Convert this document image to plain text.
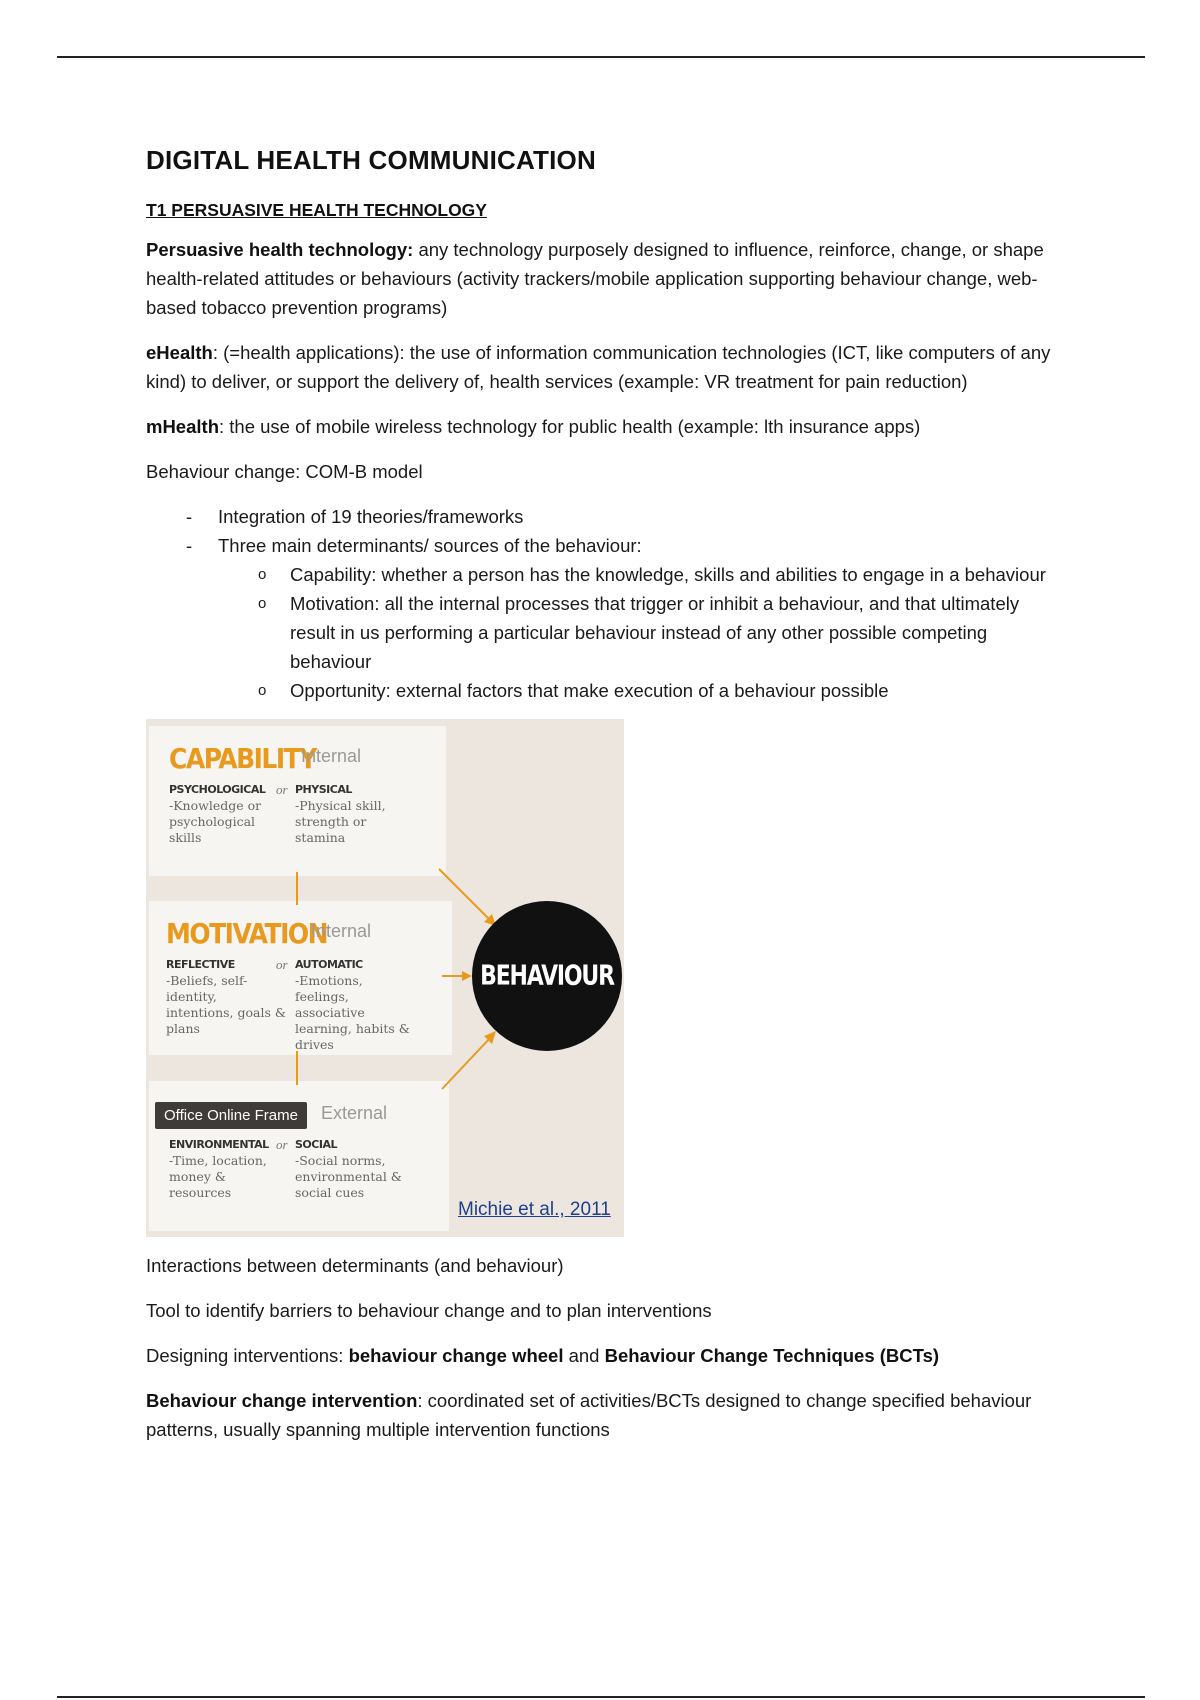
DIGITAL HEALTH COMMUNICATION
T1 PERSUASIVE HEALTH TECHNOLOGY

Persuasive health technology: any technology purposely designed to influence, reinforce, change, or shape health-related attitudes or behaviours (activity trackers/mobile application supporting behaviour change, web-based tobacco prevention programs)

eHealth: (=health applications): the use of information communication technologies (ICT, like computers of any kind) to deliver, or support the delivery of, health services (example: VR treatment for pain reduction)

mHealth: the use of mobile wireless technology for public health (example: lth insurance apps)

Behaviour change: COM-B model

- Integration of 19 theories/frameworks
- Three main determinants/ sources of the behaviour:
o Capability: whether a person has the knowledge, skills and abilities to engage in a behaviour
o Motivation: all the internal processes that trigger or inhibit a behaviour, and that ultimately result in us performing a particular behaviour instead of any other possible competing behaviour
o Opportunity: external factors that make execution of a behaviour possible
CAPABILITY
Internal
PSYCHOLOGICAL
-Knowledge or psychological skills
or PHYSICAL
-Physical skill, strength or stamina
MOTIVATION
Internal
REFLECTIVE
-Beliefs, self-identity, intentions, goals & plans
or AUTOMATIC
-Emotions, feelings, associative learning, habits & drives
External
ENVIRONMENTAL
-Time, location, money & resources
or SOCIAL
-Social norms, environmental & social cues
BEHAVIOUR
Michie et al., 2011
Office Online Frame

Interactions between determinants (and behaviour)

Tool to identify barriers to behaviour change and to plan interventions

Designing interventions: behaviour change wheel and Behaviour Change Techniques (BCTs)

Behaviour change intervention: coordinated set of activities/BCTs designed to change specified behaviour patterns, usually spanning multiple intervention functions
